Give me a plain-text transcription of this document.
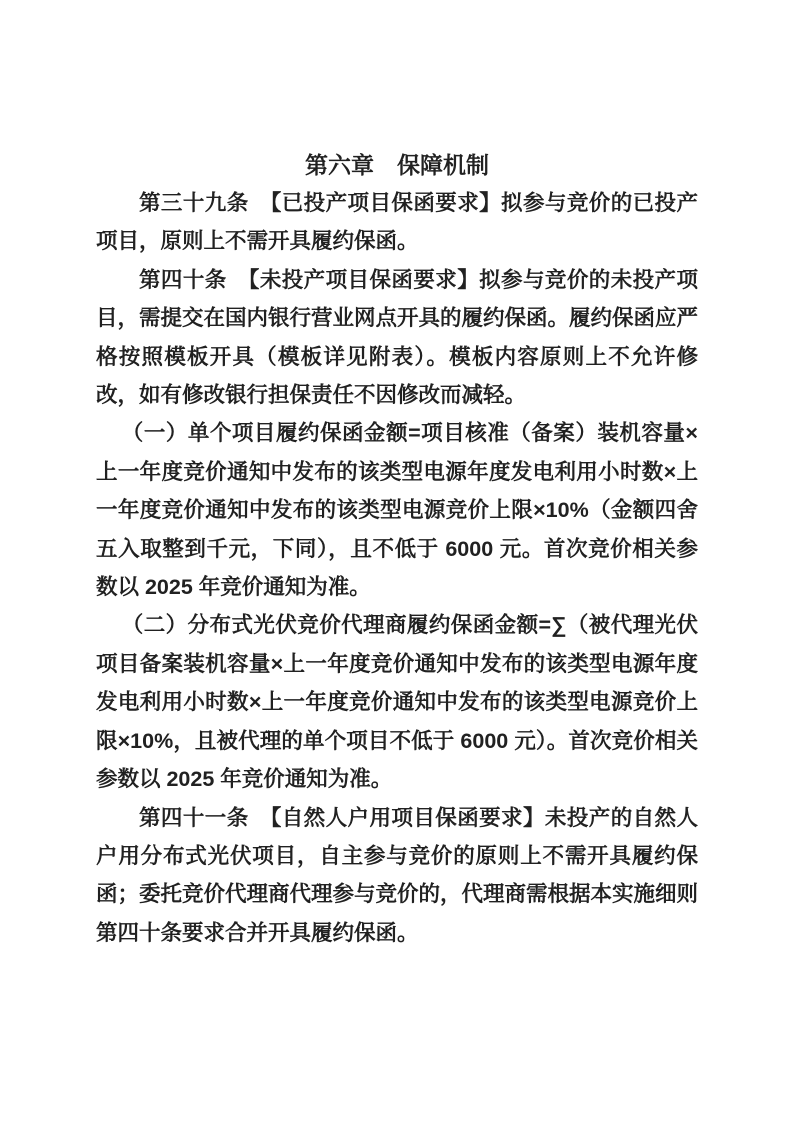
第六章　保障机制

第三十九条　【已投产项目保函要求】拟参与竞价的已投产项目，原则上不需开具履约保函。

第四十条　【未投产项目保函要求】拟参与竞价的未投产项目，需提交在国内银行营业网点开具的履约保函。履约保函应严格按照模板开具（模板详见附表）。模板内容原则上不允许修改，如有修改银行担保责任不因修改而减轻。

（一）单个项目履约保函金额=项目核准（备案）装机容量×上一年度竞价通知中发布的该类型电源年度发电利用小时数×上一年度竞价通知中发布的该类型电源竞价上限×10%（金额四舍五入取整到千元，下同），且不低于 6000 元。首次竞价相关参数以 2025 年竞价通知为准。

（二）分布式光伏竞价代理商履约保函金额=∑（被代理光伏项目备案装机容量×上一年度竞价通知中发布的该类型电源年度发电利用小时数×上一年度竞价通知中发布的该类型电源竞价上限×10%，且被代理的单个项目不低于 6000 元）。首次竞价相关参数以 2025 年竞价通知为准。

第四十一条　【自然人户用项目保函要求】未投产的自然人户用分布式光伏项目，自主参与竞价的原则上不需开具履约保函；委托竞价代理商代理参与竞价的，代理商需根据本实施细则第四十条要求合并开具履约保函。
